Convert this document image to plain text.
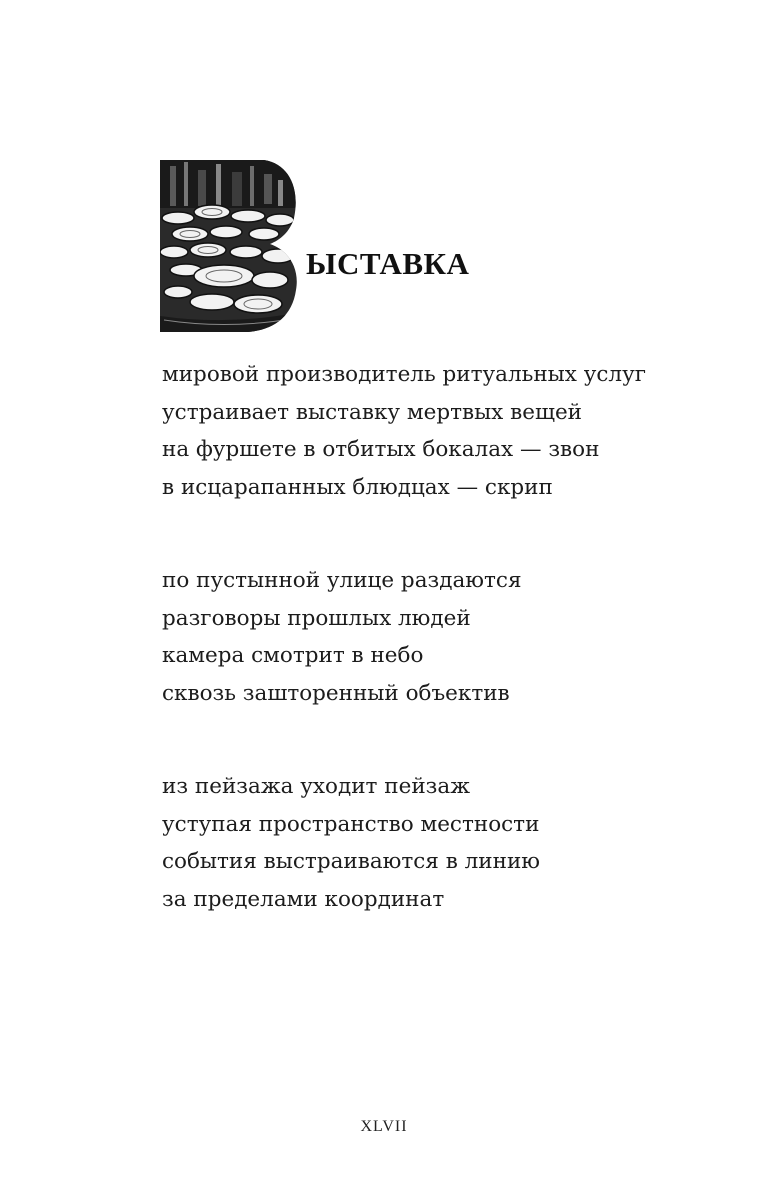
ЫСТАВКА
мировой производитель ритуальных услуг
устраивает выставку мертвых вещей
на фуршете в отбитых бокалах — звон
в исцарапанных блюдцах — скрип
по пустынной улице раздаются
разговоры прошлых людей
камера смотрит в небо
сквозь зашторенный объектив
из пейзажа уходит пейзаж
уступая пространство местности
события выстраиваются в линию
за пределами координат
XLVII
